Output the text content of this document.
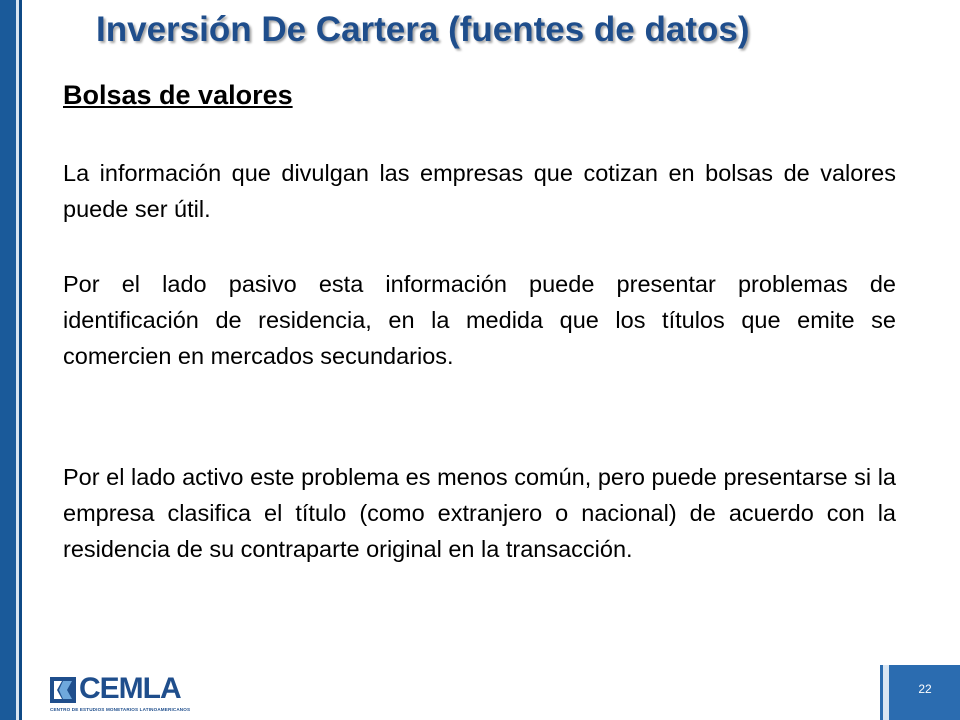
Inversión De Cartera (fuentes de datos)
Bolsas de valores

La información que divulgan las empresas que cotizan en bolsas de valores puede ser útil.

Por el lado pasivo esta información puede presentar problemas de identificación de residencia, en la medida que los títulos que emite se comercien en mercados secundarios.

Por el lado activo este problema es menos común, pero puede presentarse si la empresa clasifica el título (como extranjero o nacional) de acuerdo con la residencia de su contraparte original en la transacción.

CEMLA
CENTRO DE ESTUDIOS MONETARIOS LATINOAMERICANOS
22
